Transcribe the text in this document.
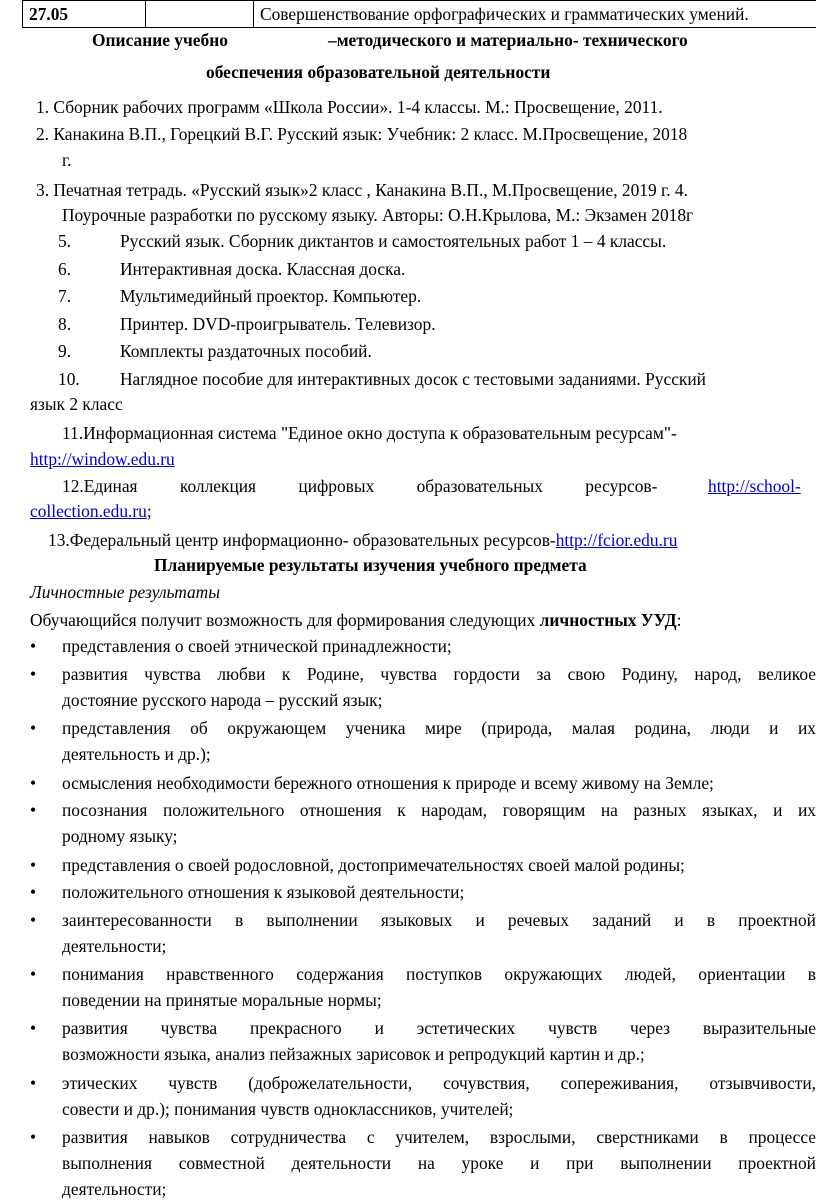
27.05		Совершенствование орфографических и грамматических умений.
Описание учебно	–методического и материально- технического
обеспечения образовательной деятельности
1. Сборник рабочих программ «Школа России». 1-4 классы. М.: Просвещение, 2011.
2. Канакина В.П., Горецкий В.Г. Русский язык: Учебник: 2 класс. М.Просвещение, 2018
г.
3. Печатная тетрадь. «Русский язык»2 класс , Канакина В.П., М.Просвещение, 2019 г. 4.
Поурочные разработки по русскому языку. Авторы: О.Н.Крылова, М.: Экзамен 2018г
5.	Русский язык. Сборник диктантов и самостоятельных работ 1 – 4 классы.
6.	Интерактивная доска. Классная доска.
7.	Мультимедийный проектор. Компьютер.
8.	Принтер. DVD-проигрыватель. Телевизор.
9.	Комплекты раздаточных пособий.
10. Наглядное пособие для интерактивных досок с тестовыми заданиями. Русский
язык 2 класс
11.Информационная система "Единое окно доступа к образовательным ресурсам"-
http://window.edu.ru
12.Единая коллекция цифровых образовательных ресурсов-	http://school-
collection.edu.ru;
13.Федеральный центр информационно- образовательных ресурсов-http://fcior.edu.ru
Планируемые результаты изучения учебного предмета
Личностные результаты
Обучающийся получит возможность для формирования следующих личностных УУД:
• представления о своей этнической принадлежности;
• развития чувства любви к Родине, чувства гордости за свою Родину, народ, великое
достояние русского народа – русский язык;
• представления об окружающем ученика мире (природа, малая родина, люди и их
деятельность и др.);
• осмысления необходимости бережного отношения к природе и всему живому на Земле;
• посознания положительного отношения к народам, говорящим на разных языках, и их
родному языку;
• представления о своей родословной, достопримечательностях своей малой родины;
• положительного отношения к языковой деятельности;
• заинтересованности в выполнении языковых и речевых заданий и в проектной
деятельности;
• понимания нравственного содержания поступков окружающих людей, ориентации в
поведении на принятые моральные нормы;
• развития чувства прекрасного и эстетических чувств через выразительные
возможности языка, анализ пейзажных зарисовок и репродукций картин и др.;
• этических чувств (доброжелательности, сочувствия, сопереживания, отзывчивости,
совести и др.); понимания чувств одноклассников, учителей;
• развития навыков сотрудничества с учителем, взрослыми, сверстниками в процессе
выполнения совместной деятельности на уроке и при выполнении проектной
деятельности;
